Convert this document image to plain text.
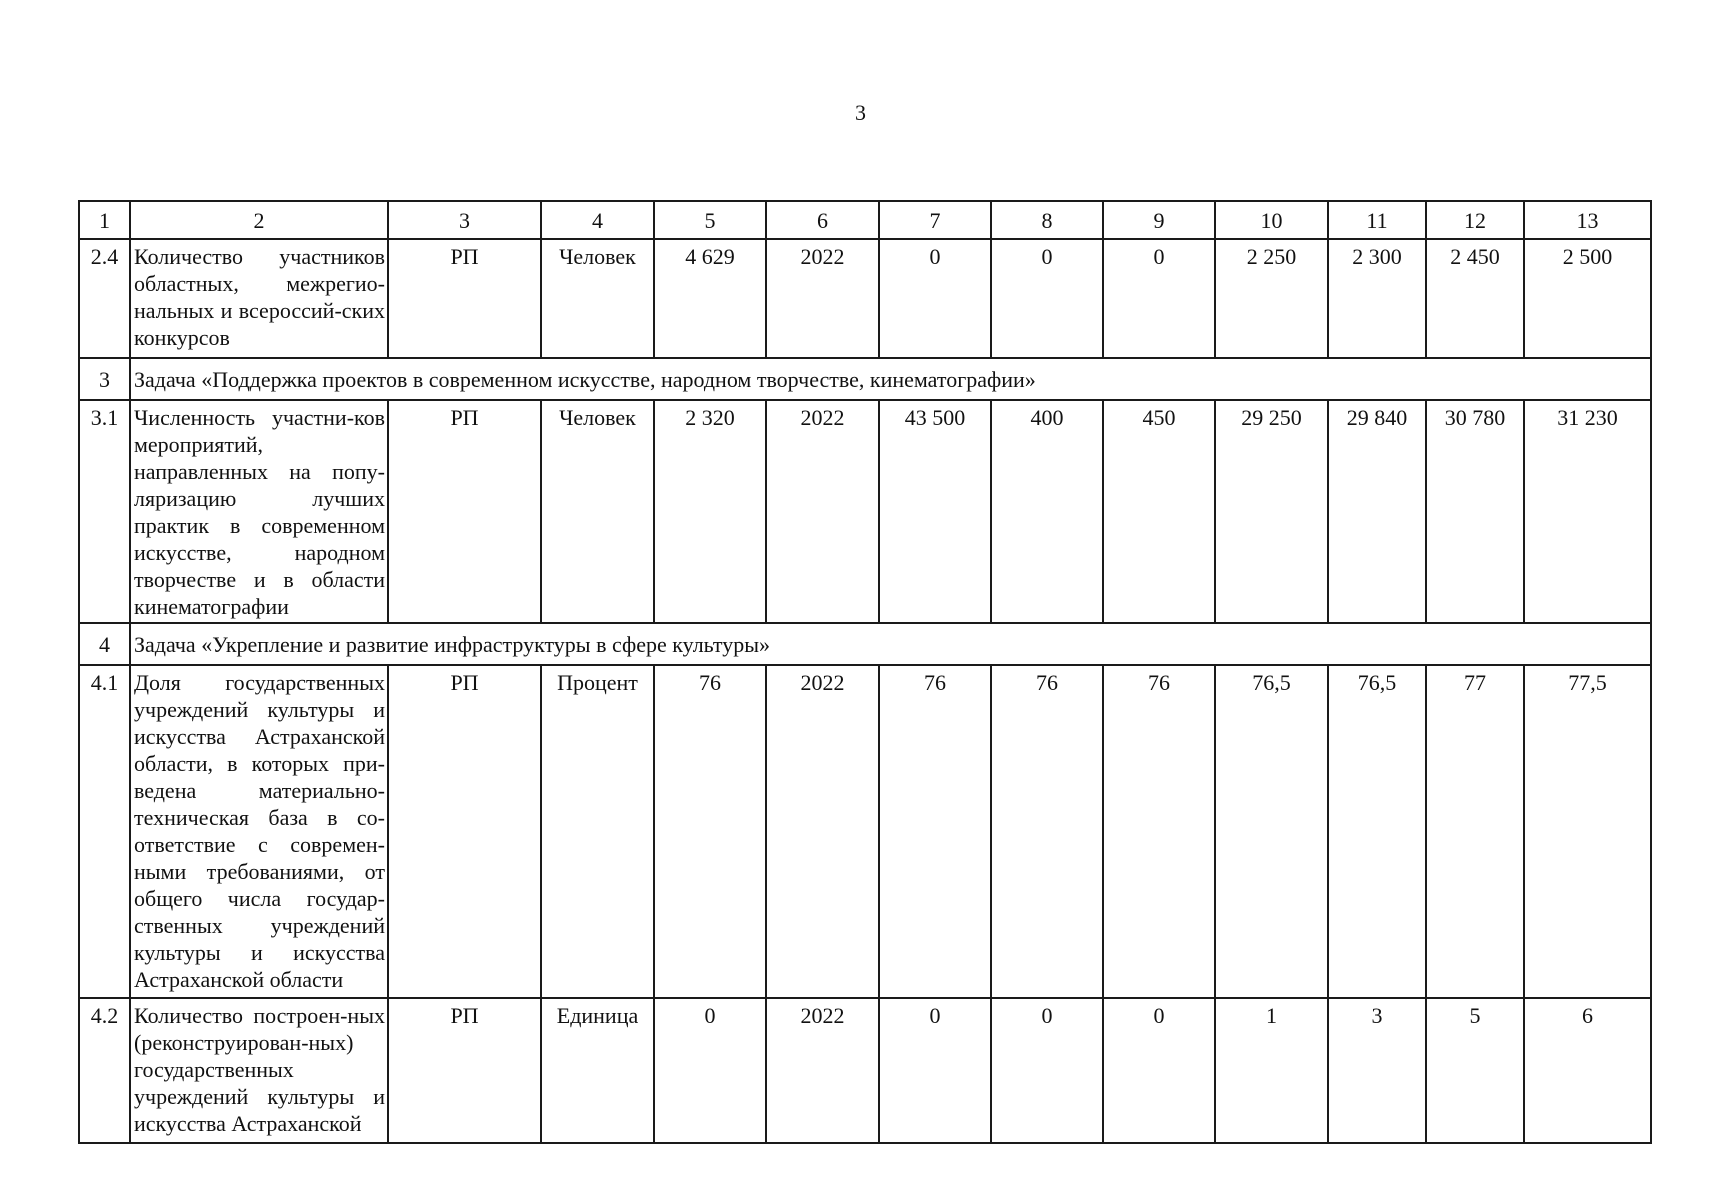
3
1	2	3	4	5	6	7	8	9	10	11	12	13
2.4	Количество участников областных, межрегио-нальных и всероссий-ских конкурсов	РП	Человек	4 629	2022	0	0	0	2 250	2 300	2 450	2 500
3	Задача «Поддержка проектов в современном искусстве, народном творчестве, кинематографии»											
3.1	Численность участни-ков мероприятий, направленных на попу-ляризацию лучших практик в современном искусстве, народном творчестве и в области кинематографии	РП	Человек	2 320	2022	43 500	400	450	29 250	29 840	30 780	31 230
4	Задача «Укрепление и развитие инфраструктуры в сфере культуры»											
4.1	Доля государственных учреждений культуры и искусства Астраханской области, в которых при-ведена материально-техническая база в со-ответствие с современ-ными требованиями, от общего числа государ-ственных учреждений культуры и искусства Астраханской области	РП	Процент	76	2022	76	76	76	76,5	76,5	77	77,5
4.2	Количество построен-ных (реконструирован-ных) государственных учреждений культуры и искусства Астраханской	РП	Единица	0	2022	0	0	0	1	3	5	6
